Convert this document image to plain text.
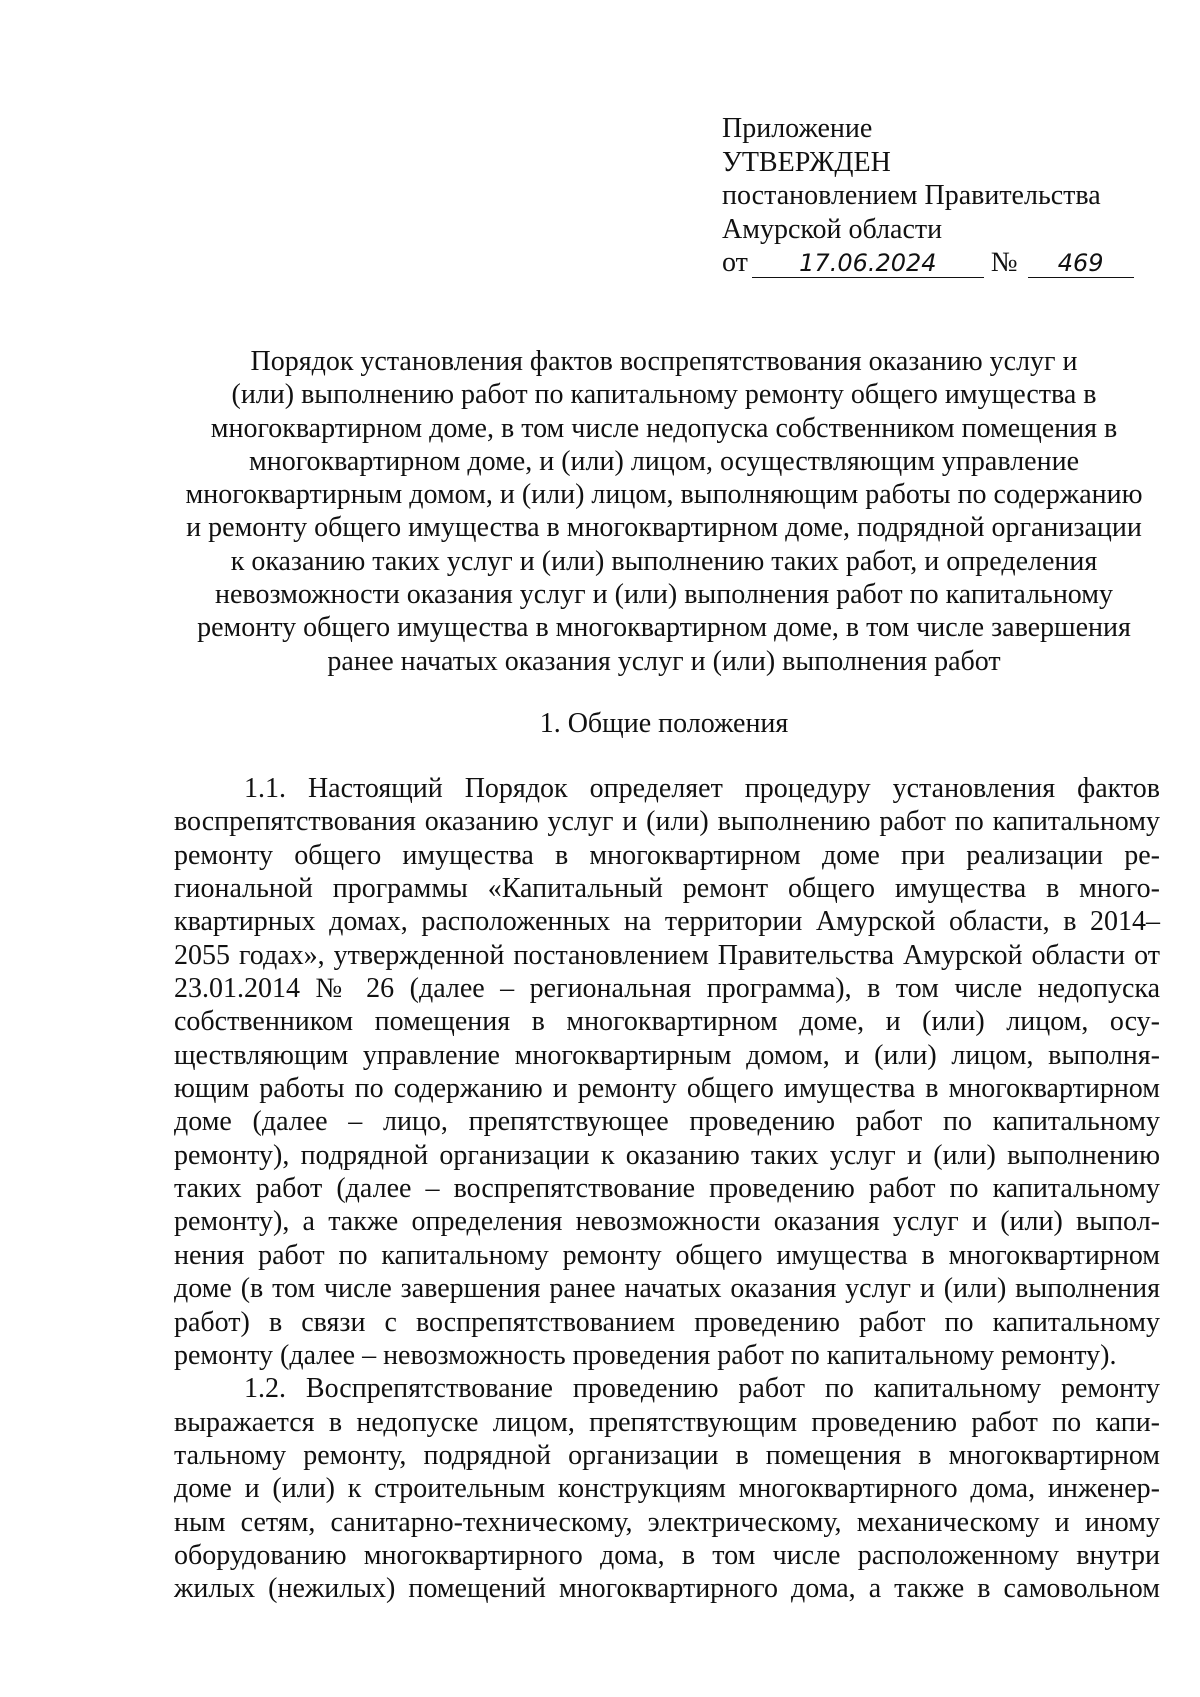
Приложение
УТВЕРЖДЕН
постановлением Правительства
Амурской области
от 17.06.2024 № 469
Порядок установления фактов воспрепятствования оказанию услуг и
(или) выполнению работ по капитальному ремонту общего имущества в
многоквартирном доме, в том числе недопуска собственником помещения в
многоквартирном доме, и (или) лицом, осуществляющим управление
многоквартирным домом, и (или) лицом, выполняющим работы по содержанию
и ремонту общего имущества в многоквартирном доме, подрядной организации
к оказанию таких услуг и (или) выполнению таких работ, и определения
невозможности оказания услуг и (или) выполнения работ по капитальному
ремонту общего имущества в многоквартирном доме, в том числе завершения
ранее начатых оказания услуг и (или) выполнения работ
1. Общие положения
1.1. Настоящий Порядок определяет процедуру установления фактов
воспрепятствования оказанию услуг и (или) выполнению работ по капитальному
ремонту общего имущества в многоквартирном доме при реализации ре-
гиональной программы «Капитальный ремонт общего имущества в много-
квартирных домах, расположенных на территории Амурской области, в 2014–
2055 годах», утвержденной постановлением Правительства Амурской области от
23.01.2014 № 26 (далее – региональная программа), в том числе недопуска
собственником помещения в многоквартирном доме, и (или) лицом, осу-
ществляющим управление многоквартирным домом, и (или) лицом, выполня-
ющим работы по содержанию и ремонту общего имущества в многоквартирном
доме (далее – лицо, препятствующее проведению работ по капитальному
ремонту), подрядной организации к оказанию таких услуг и (или) выполнению
таких работ (далее – воспрепятствование проведению работ по капитальному
ремонту), а также определения невозможности оказания услуг и (или) выпол-
нения работ по капитальному ремонту общего имущества в многоквартирном
доме (в том числе завершения ранее начатых оказания услуг и (или) выполнения
работ) в связи с воспрепятствованием проведению работ по капитальному
ремонту (далее – невозможность проведения работ по капитальному ремонту).
1.2. Воспрепятствование проведению работ по капитальному ремонту
выражается в недопуске лицом, препятствующим проведению работ по капи-
тальному ремонту, подрядной организации в помещения в многоквартирном
доме и (или) к строительным конструкциям многоквартирного дома, инженер-
ным сетям, санитарно-техническому, электрическому, механическому и иному
оборудованию многоквартирного дома, в том числе расположенному внутри
жилых (нежилых) помещений многоквартирного дома, а также в самовольном
